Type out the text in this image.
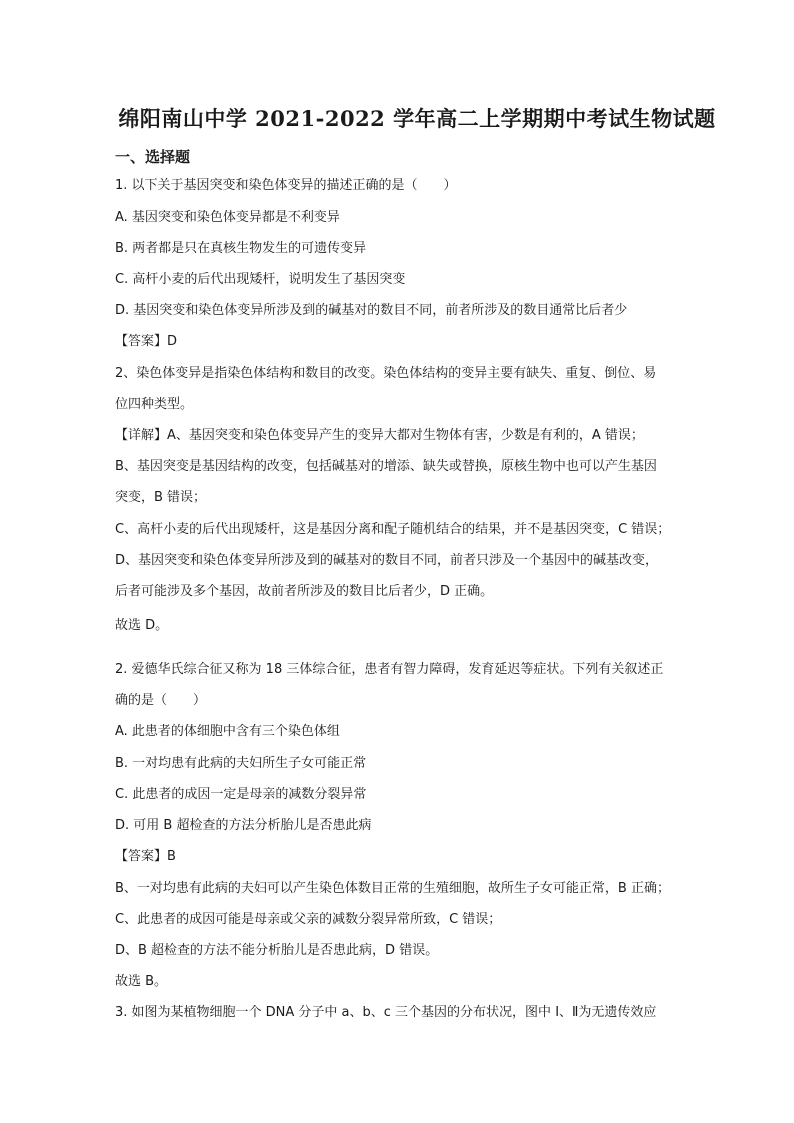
绵阳南山中学 2021-2022 学年高二上学期期中考试生物试题
一、选择题
1. 以下关于基因突变和染色体变异的描述正确的是（　　）
A. 基因突变和染色体变异都是不利变异
B. 两者都是只在真核生物发生的可遗传变异
C. 高杆小麦的后代出现矮杆，说明发生了基因突变
D. 基因突变和染色体变异所涉及到的碱基对的数目不同，前者所涉及的数目通常比后者少
【答案】D
2、染色体变异是指染色体结构和数目的改变。染色体结构的变异主要有缺失、重复、倒位、易
位四种类型。
【详解】A、基因突变和染色体变异产生的变异大都对生物体有害，少数是有利的，A 错误；
B、基因突变是基因结构的改变，包括碱基对的增添、缺失或替换，原核生物中也可以产生基因
突变，B 错误；
C、高杆小麦的后代出现矮杆，这是基因分离和配子随机结合的结果，并不是基因突变，C 错误；
D、基因突变和染色体变异所涉及到的碱基对的数目不同，前者只涉及一个基因中的碱基改变，
后者可能涉及多个基因，故前者所涉及的数目比后者少，D 正确。
故选 D。
2. 爱德华氏综合征又称为 18 三体综合征，患者有智力障碍，发育延迟等症状。下列有关叙述正
确的是（　　）
A. 此患者的体细胞中含有三个染色体组
B. 一对均患有此病的夫妇所生子女可能正常
C. 此患者的成因一定是母亲的减数分裂异常
D. 可用 B 超检查的方法分析胎儿是否患此病
【答案】B
B、一对均患有此病的夫妇可以产生染色体数目正常的生殖细胞，故所生子女可能正常，B 正确；
C、此患者的成因可能是母亲或父亲的减数分裂异常所致，C 错误；
D、B 超检查的方法不能分析胎儿是否患此病，D 错误。
故选 B。
3. 如图为某植物细胞一个 DNA 分子中 a、b、c 三个基因的分布状况，图中 Ⅰ、Ⅱ为无遗传效应
